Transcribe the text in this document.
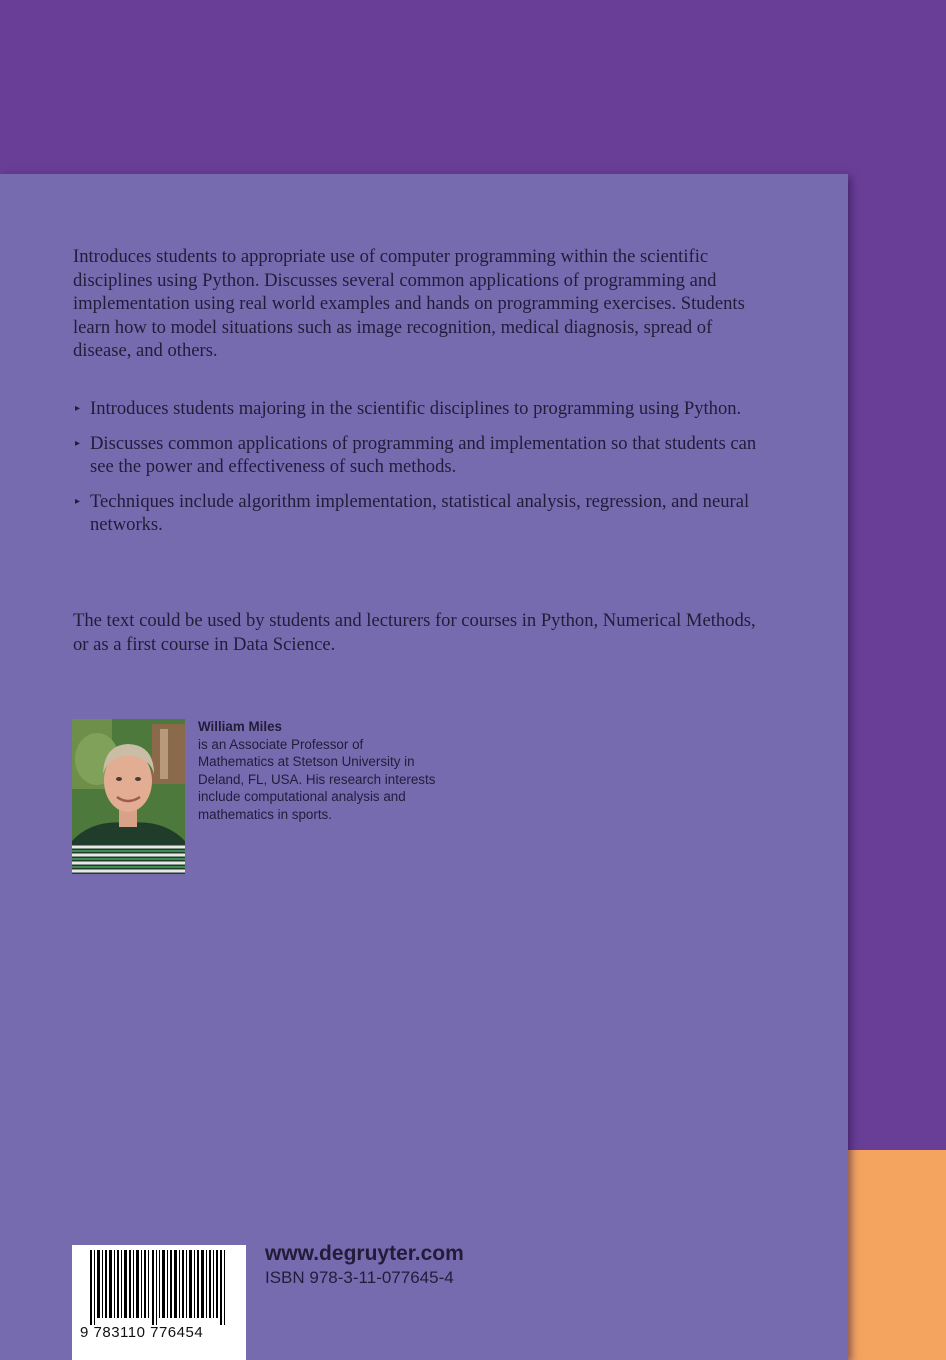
Introduces students to appropriate use of computer programming within the scientific disciplines using Python. Discusses several common applications of programming and implementation using real world examples and hands on programming exercises. Students learn how to model situations such as image recognition, medical diagnosis, spread of disease, and others.
▸ Introduces students majoring in the scientific disciplines to programming using Python.
▸ Discusses common applications of programming and implementation so that students can see the power and effectiveness of such methods.
▸ Techniques include algorithm implementation, statistical analysis, regression, and neural networks.
The text could be used by students and lecturers for courses in Python, Numerical Methods, or as a first course in Data Science.
William Miles
is an Associate Professor of Mathematics at Stetson University in Deland, FL, USA. His research interests include computational analysis and mathematics in sports.
9 783110 776454
www.degruyter.com
ISBN 978-3-11-077645-4
